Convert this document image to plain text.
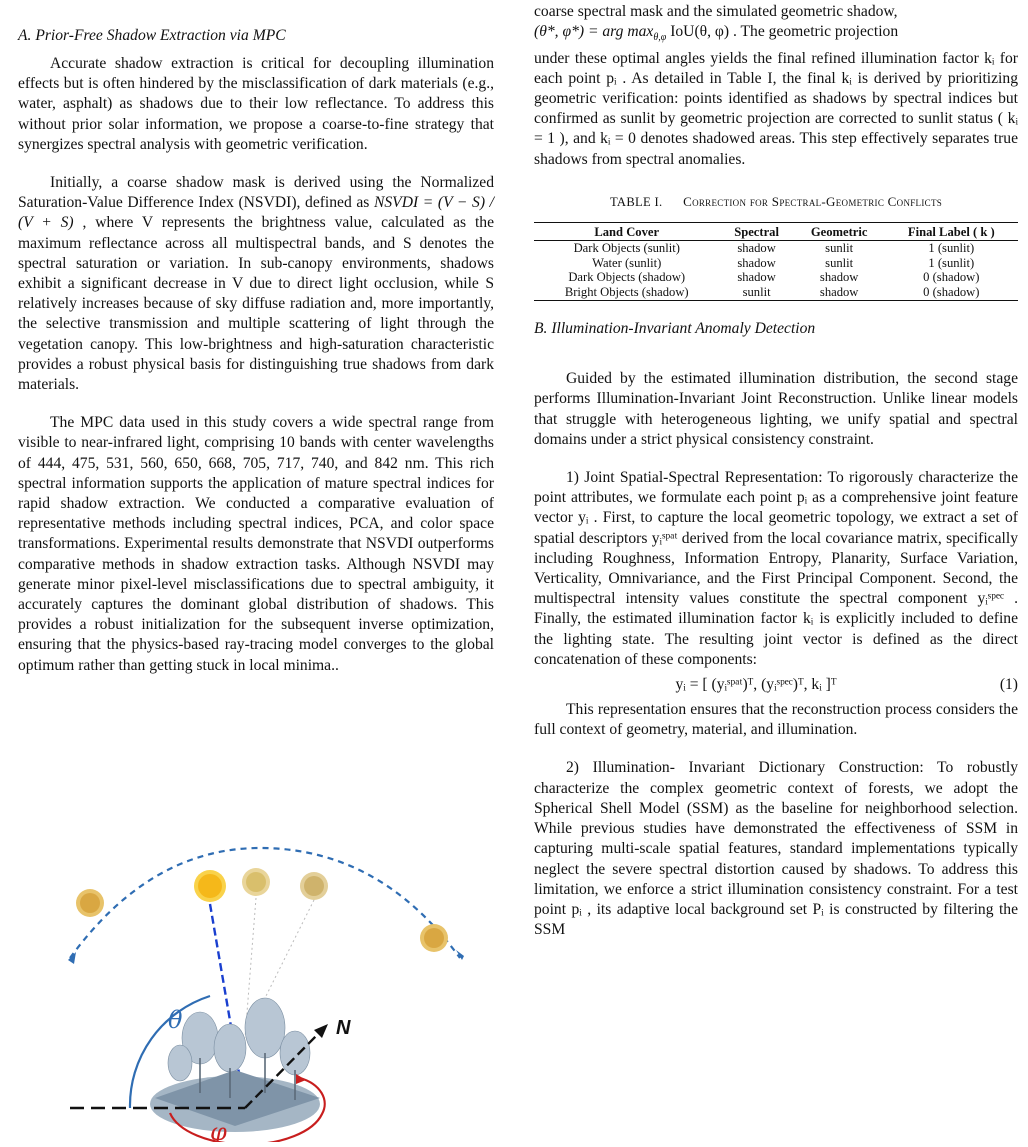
A. Prior-Free Shadow Extraction via MPC

Accurate shadow extraction is critical for decoupling illumination effects but is often hindered by the misclassification of dark materials (e.g., water, asphalt) as shadows due to their low reflectance. To address this without prior solar information, we propose a coarse-to-fine strategy that synergizes spectral analysis with geometric verification.

Initially, a coarse shadow mask is derived using the Normalized Saturation-Value Difference Index (NSVDI), defined as NSVDI = (V − S) / (V + S) , where V represents the brightness value, calculated as the maximum reflectance across all multispectral bands, and S denotes the spectral saturation or variation. In sub-canopy environments, shadows exhibit a significant decrease in V due to direct light occlusion, while S relatively increases because of sky diffuse radiation and, more importantly, the selective transmission and multiple scattering of light through the vegetation canopy. This low-brightness and high-saturation characteristic provides a robust physical basis for distinguishing true shadows from dark materials.

The MPC data used in this study covers a wide spectral range from visible to near-infrared light, comprising 10 bands with center wavelengths of 444, 475, 531, 560, 650, 668, 705, 717, 740, and 842 nm. This rich spectral information supports the application of mature spectral indices for rapid shadow extraction. We conducted a comparative evaluation of representative methods including spectral indices, PCA, and color space transformations. Experimental results demonstrate that NSVDI outperforms comparative methods in shadow extraction tasks. Although NSVDI may generate minor pixel-level misclassifications due to spectral ambiguity, it accurately captures the dominant global distribution of shadows. This provides a robust initialization for the subsequent inverse optimization, ensuring that the physics-based ray-tracing model converges to the global optimum rather than getting stuck in local minima..

θ	N
φ

coarse spectral mask and the simulated geometric shadow,

(θ*, φ*) = arg $\max_{\theta,\varphi} IoU(\theta$, φ) . The geometric projection

under these optimal angles yields the final refined illumination factor kᵢ for each point pᵢ . As detailed in Table I, the final kᵢ is derived by prioritizing geometric verification: points identified as shadows by spectral indices but confirmed as sunlit by geometric projection are corrected to sunlit status ( kᵢ = 1 ), and kᵢ = 0 denotes shadowed areas. This step effectively separates true shadows from spectral anomalies.

TABLE I. Correction for Spectral-Geometric Conflicts
Land Cover	Spectral	Geometric	Final Label ( k )
Dark Objects (sunlit)	shadow	sunlit	1 (sunlit)
Water (sunlit)	shadow	sunlit	1 (sunlit)
Dark Objects (shadow)	shadow	shadow	0 (shadow)
Bright Objects (shadow)	sunlit	shadow	0 (shadow)
B. Illumination-Invariant Anomaly Detection

Guided by the estimated illumination distribution, the second stage performs Illumination-Invariant Joint Reconstruction. Unlike linear models that struggle with heterogeneous lighting, we unify spatial and spectral domains under a strict physical consistency constraint.

1) Joint Spatial-Spectral Representation: To rigorously characterize the point attributes, we formulate each point pᵢ as a comprehensive joint feature vector yᵢ . First, to capture the local geometric topology, we extract a set of spatial descriptors yᵢˢᵖᵃᵗ derived from the local covariance matrix, specifically including Roughness, Information Entropy, Planarity, Surface Variation, Verticality, Omnivariance, and the First Principal Component. Second, the multispectral intensity values constitute the spectral component yᵢˢᵖᵉᶜ . Finally, the estimated illumination factor kᵢ is explicitly included to define the lighting state. The resulting joint vector is defined as the direct concatenation of these components:

yᵢ = [ (yᵢˢᵖᵃᵗ)ᵀ, (yᵢˢᵖᵉᶜ)ᵀ, kᵢ ]ᵀ	(1)

This representation ensures that the reconstruction process considers the full context of geometry, material, and illumination.

2) Illumination- Invariant Dictionary Construction: To robustly characterize the complex geometric context of forests, we adopt the Spherical Shell Model (SSM) as the baseline for neighborhood selection. While previous studies have demonstrated the effectiveness of SSM in capturing multi-scale spatial features, standard implementations typically neglect the severe spectral distortion caused by shadows. To address this limitation, we enforce a strict illumination consistency constraint. For a test point pᵢ , its adaptive local background set Pᵢ is constructed by filtering the SSM
